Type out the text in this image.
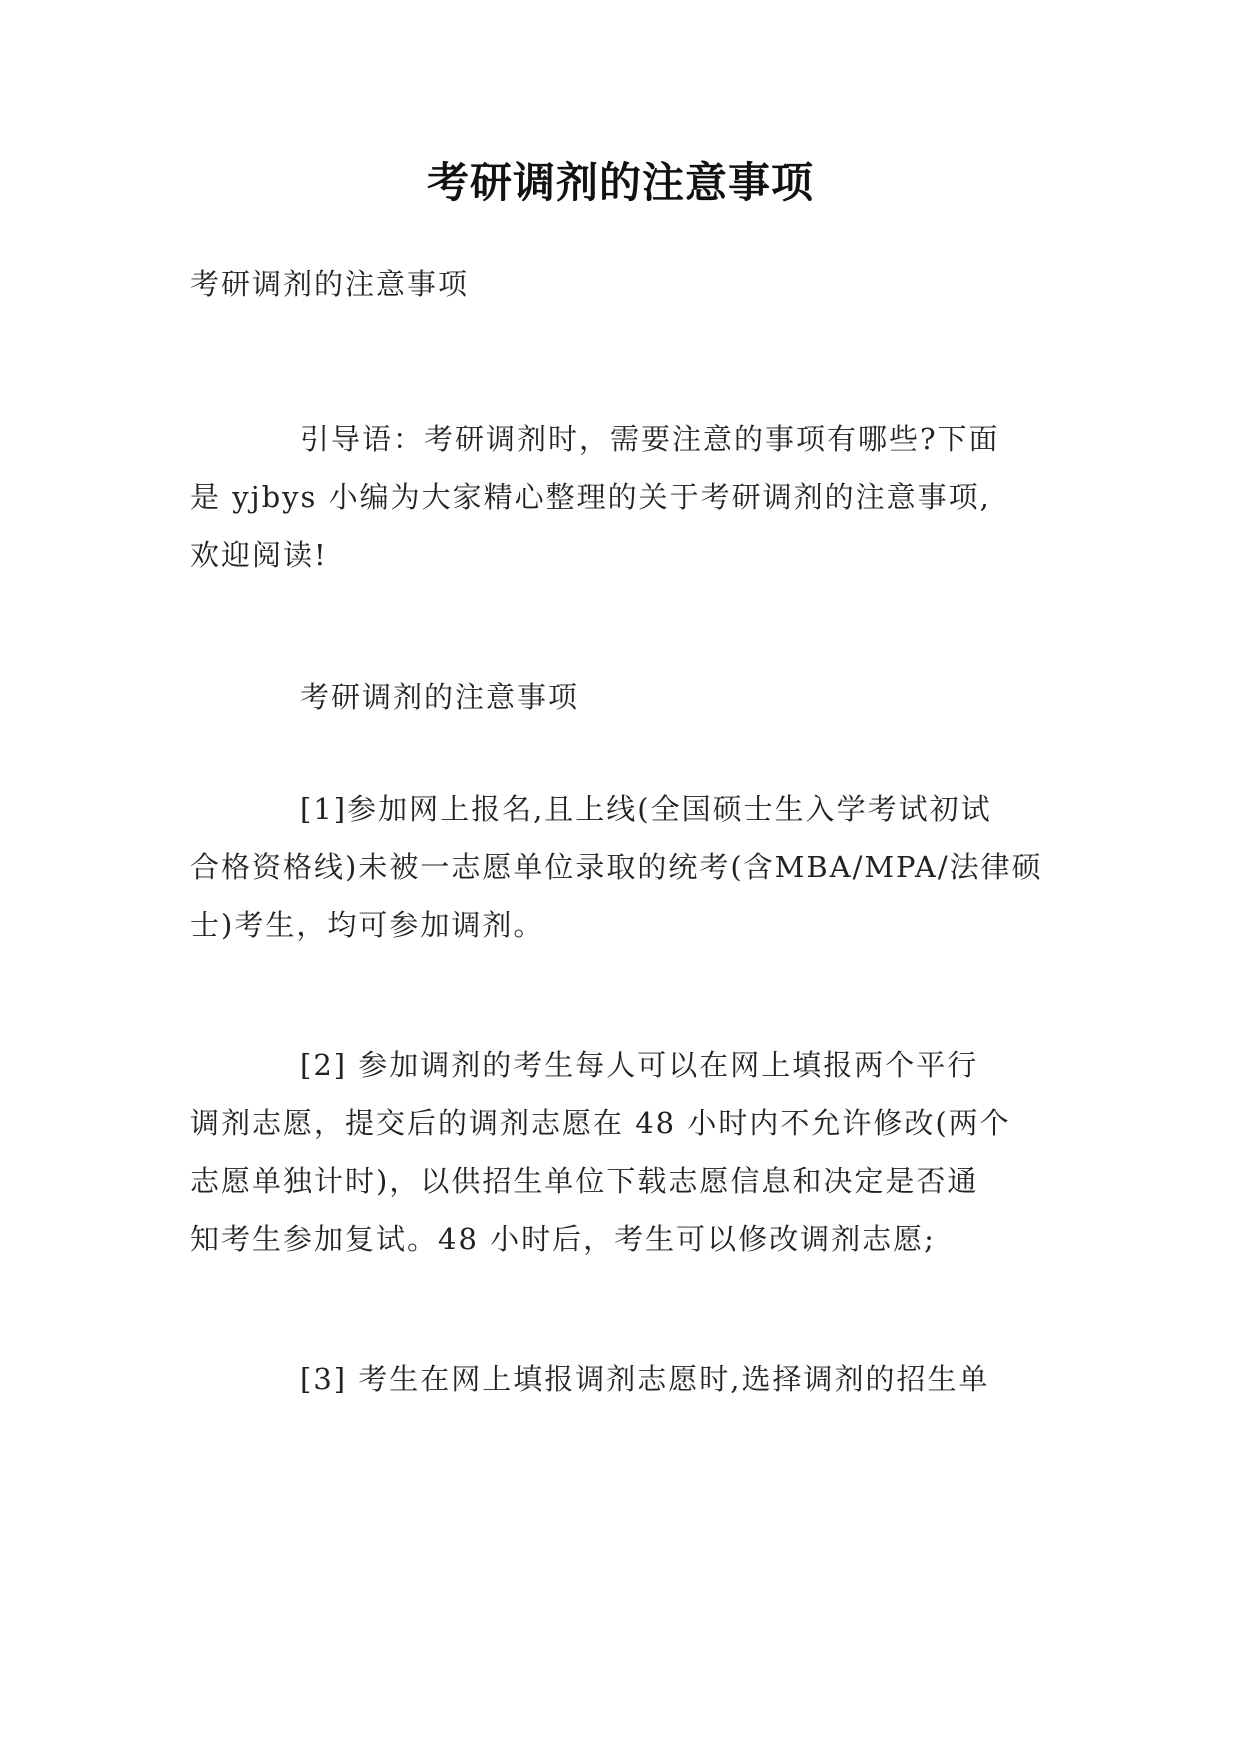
考研调剂的注意事项
考研调剂的注意事项
引导语：考研调剂时，需要注意的事项有哪些?下面
是 yjbys 小编为大家精心整理的关于考研调剂的注意事项,
欢迎阅读!
考研调剂的注意事项
[1]参加网上报名,且上线(全国硕士生入学考试初试
合格资格线)未被一志愿单位录取的统考(含MBA/MPA/法律硕
士)考生，均可参加调剂。
[2] 参加调剂的考生每人可以在网上填报两个平行
调剂志愿，提交后的调剂志愿在 48 小时内不允许修改(两个
志愿单独计时)，以供招生单位下载志愿信息和决定是否通
知考生参加复试。48 小时后，考生可以修改调剂志愿;
[3] 考生在网上填报调剂志愿时,选择调剂的招生单
